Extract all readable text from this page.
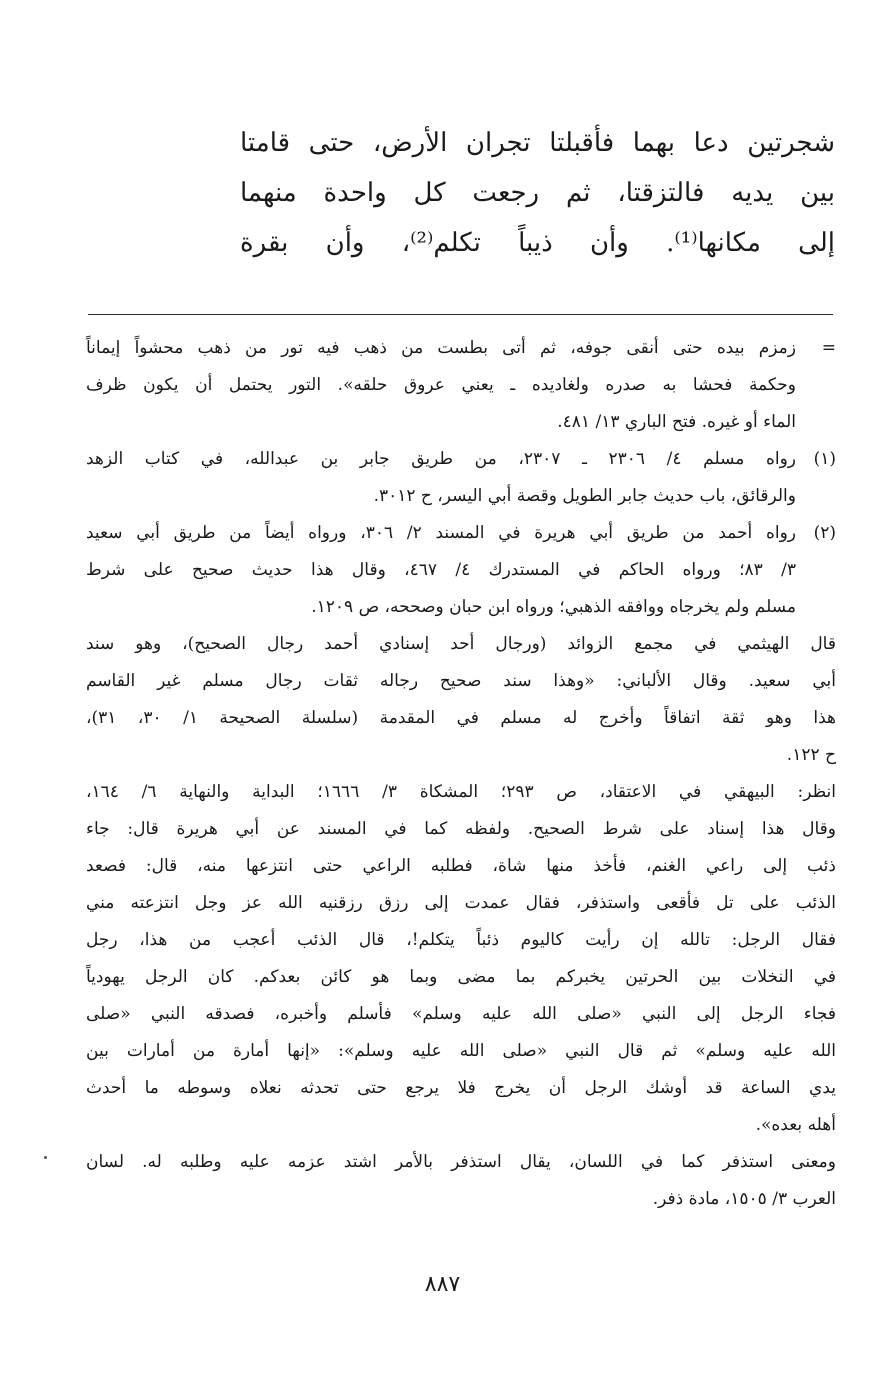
شجرتين دعا بهما فأقبلتا تجران الأرض، حتى قامتا
بين يديه فالتزقتا، ثم رجعت كل واحدة منهما
إلى مكانها⁽¹⁾. وأن ذيباً تكلم⁽²⁾، وأن بقرة
=
زمزم بيده حتى أنقى جوفه، ثم أتى بطست من ذهب فيه تور من ذهب محشواً إيماناً
وحكمة فحشا به صدره ولغاديده ـ يعني عروق حلقه». التور يحتمل أن يكون ظرف
الماء أو غيره. فتح الباري ١٣/ ٤٨١.
(١)
رواه مسلم ٤/ ٢٣٠٦ ـ ٢٣٠٧، من طريق جابر بن عبدالله، في كتاب الزهد
والرقائق، باب حديث جابر الطويل وقصة أبي اليسر، ح ٣٠١٢.
(٢)
رواه أحمد من طريق أبي هريرة في المسند ٢/ ٣٠٦، ورواه أيضاً من طريق أبي سعيد
٣/ ٨٣؛ ورواه الحاكم في المستدرك ٤/ ٤٦٧، وقال هذا حديث صحيح على شرط
مسلم ولم يخرجاه ووافقه الذهبي؛ ورواه ابن حبان وصححه، ص ١٢٠٩.
قال الهيثمي في مجمع الزوائد (ورجال أحد إسنادي أحمد رجال الصحيح)، وهو سند
أبي سعيد. وقال الألباني: «وهذا سند صحيح رجاله ثقات رجال مسلم غير القاسم
هذا وهو ثقة اتفاقاً وأخرج له مسلم في المقدمة (سلسلة الصحيحة ١/ ٣٠، ٣١)،
ح ١٢٢.
انظر: البيهقي في الاعتقاد، ص ٢٩٣؛ المشكاة ٣/ ١٦٦٦؛ البداية والنهاية ٦/ ١٦٤،
وقال هذا إسناد على شرط الصحيح. ولفظه كما في المسند عن أبي هريرة قال: جاء
ذئب إلى راعي الغنم، فأخذ منها شاة، فطلبه الراعي حتى انتزعها منه، قال: فصعد
الذئب على تل فأقعى واستذفر، فقال عمدت إلى رزق رزقنيه الله عز وجل انتزعته مني
فقال الرجل: تالله إن رأيت كاليوم ذئباً يتكلم!، قال الذئب أعجب من هذا، رجل
في النخلات بين الحرتين يخبركم بما مضى وبما هو كائن بعدكم. كان الرجل يهودياً
فجاء الرجل إلى النبي «صلى الله عليه وسلم» فأسلم وأخبره، فصدقه النبي «صلى
الله عليه وسلم» ثم قال النبي «صلى الله عليه وسلم»: «إنها أمارة من أمارات بين
يدي الساعة قد أوشك الرجل أن يخرج فلا يرجع حتى تحدثه نعلاه وسوطه ما أحدث
أهله بعده».
ومعنى استذفر كما في اللسان، يقال استذفر بالأمر اشتد عزمه عليه وطلبه له. لسان
العرب ٣/ ١٥٠٥، مادة ذفر.
٨٨٧
